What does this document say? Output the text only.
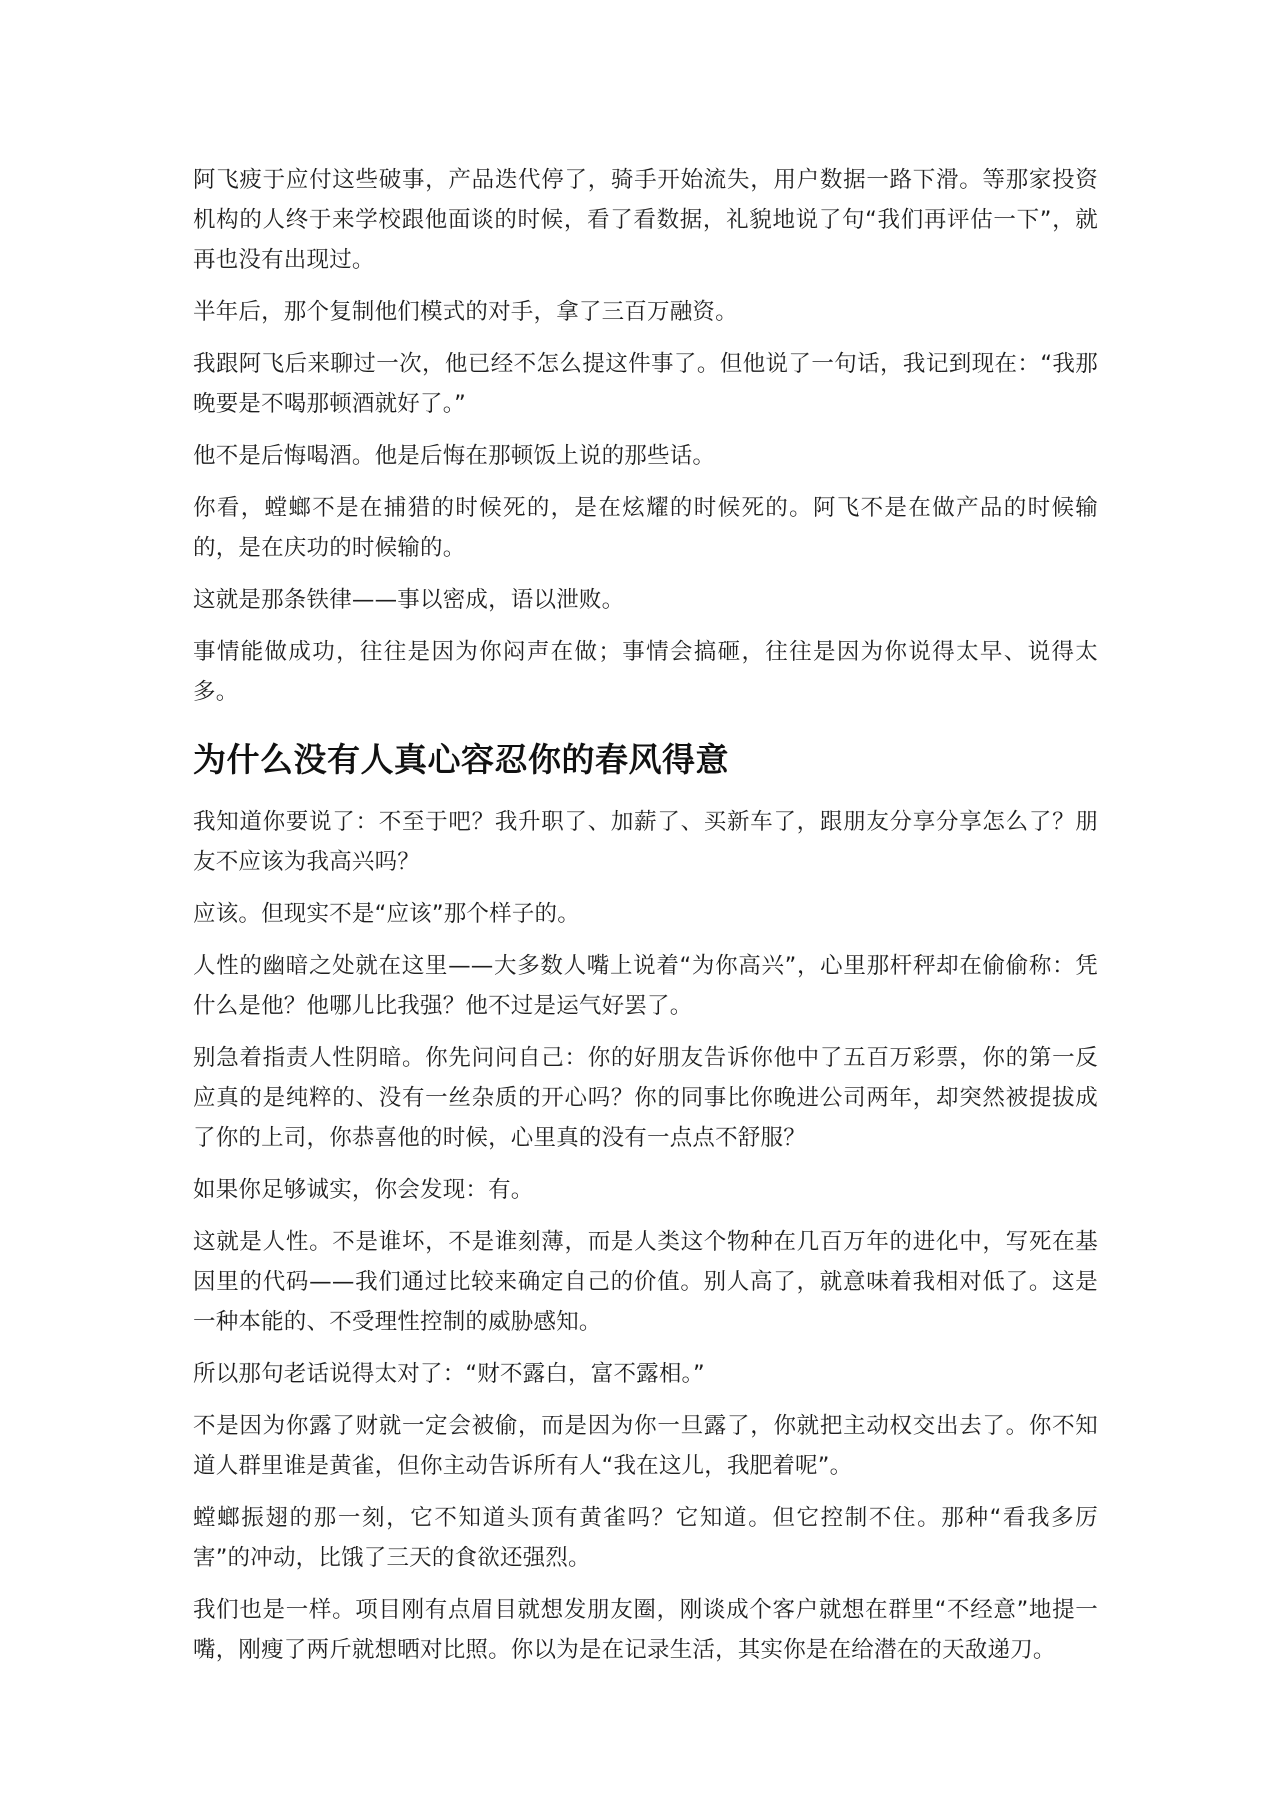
阿飞疲于应付这些破事，产品迭代停了，骑手开始流失，用户数据一路下滑。等那家投资机构的人终于来学校跟他面谈的时候，看了看数据，礼貌地说了句“我们再评估一下”，就再也没有出现过。

半年后，那个复制他们模式的对手，拿了三百万融资。

我跟阿飞后来聊过一次，他已经不怎么提这件事了。但他说了一句话，我记到现在：“我那晚要是不喝那顿酒就好了。”

他不是后悔喝酒。他是后悔在那顿饭上说的那些话。

你看，螳螂不是在捕猎的时候死的，是在炫耀的时候死的。阿飞不是在做产品的时候输的，是在庆功的时候输的。

这就是那条铁律——事以密成，语以泄败。

事情能做成功，往往是因为你闷声在做；事情会搞砸，往往是因为你说得太早、说得太多。

为什么没有人真心容忍你的春风得意

我知道你要说了：不至于吧？我升职了、加薪了、买新车了，跟朋友分享分享怎么了？朋友不应该为我高兴吗？

应该。但现实不是“应该”那个样子的。

人性的幽暗之处就在这里——大多数人嘴上说着“为你高兴”，心里那杆秤却在偷偷称：凭什么是他？他哪儿比我强？他不过是运气好罢了。

别急着指责人性阴暗。你先问问自己：你的好朋友告诉你他中了五百万彩票，你的第一反应真的是纯粹的、没有一丝杂质的开心吗？你的同事比你晚进公司两年，却突然被提拔成了你的上司，你恭喜他的时候，心里真的没有一点点不舒服？

如果你足够诚实，你会发现：有。

这就是人性。不是谁坏，不是谁刻薄，而是人类这个物种在几百万年的进化中，写死在基因里的代码——我们通过比较来确定自己的价值。别人高了，就意味着我相对低了。这是一种本能的、不受理性控制的威胁感知。

所以那句老话说得太对了：“财不露白，富不露相。”

不是因为你露了财就一定会被偷，而是因为你一旦露了，你就把主动权交出去了。你不知道人群里谁是黄雀，但你主动告诉所有人“我在这儿，我肥着呢”。

螳螂振翅的那一刻，它不知道头顶有黄雀吗？它知道。但它控制不住。那种“看我多厉害”的冲动，比饿了三天的食欲还强烈。

我们也是一样。项目刚有点眉目就想发朋友圈，刚谈成个客户就想在群里“不经意”地提一嘴，刚瘦了两斤就想晒对比照。你以为是在记录生活，其实你是在给潜在的天敌递刀。
